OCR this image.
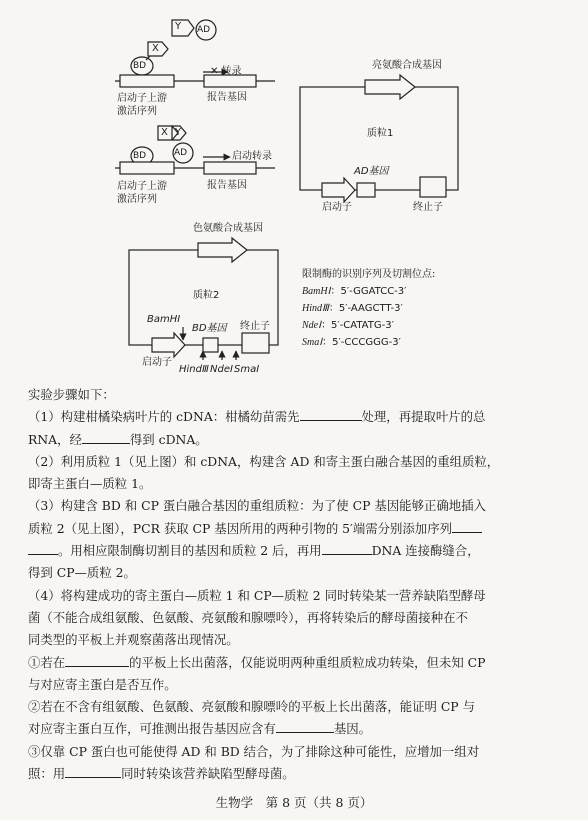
Y AD
X
BD	✕ 转录
启动子上游
激活序列
报告基因
X Y
AD
BD	启动转录
启动子上游
激活序列
报告基因
亮氨酸合成基因
质粒1
AD基因
启动子	终止子
色氨酸合成基因
质粒2
BamHⅠ
BD基因 终止子
启动子
HindⅢ NdeⅠ SmaⅠ
限制酶的识别序列及切割位点:
BamHⅠ：5′-GGATCC-3′
HindⅢ：5′-AAGCTT-3′
NdeⅠ：5′-CATATG-3′
SmaⅠ：5′-CCCGGG-3′

实验步骤如下：

（1）构建柑橘染病叶片的 cDNA：柑橘幼苗需先	处理，再提取叶片的总

RNA，经	得到 cDNA。

（2）利用质粒 1（见上图）和 cDNA，构建含 AD 和寄主蛋白融合基因的重组质粒，

即寄主蛋白—质粒 1。

（3）构建含 BD 和 CP 蛋白融合基因的重组质粒：为了使 CP 基因能够正确地插入

质粒 2（见上图），PCR 获取 CP 基因所用的两种引物的 5′端需分别添加序列

。用相应限制酶切割目的基因和质粒 2 后，再用	DNA 连接酶缝合，

得到 CP—质粒 2。

（4）将构建成功的寄主蛋白—质粒 1 和 CP—质粒 2 同时转染某一营养缺陷型酵母

菌（不能合成组氨酸、色氨酸、亮氨酸和腺嘌呤），再将转染后的酵母菌接种在不

同类型的平板上并观察菌落出现情况。

①若在	的平板上长出菌落，仅能说明两种重组质粒成功转染，但未知 CP

与对应寄主蛋白是否互作。

②若在不含有组氨酸、色氨酸、亮氨酸和腺嘌呤的平板上长出菌落，能证明 CP 与

对应寄主蛋白互作，可推测出报告基因应含有	基因。

③仅靠 CP 蛋白也可能使得 AD 和 BD 结合，为了排除这种可能性，应增加一组对

照：用	同时转染该营养缺陷型酵母菌。

生物学　第 8 页（共 8 页）
